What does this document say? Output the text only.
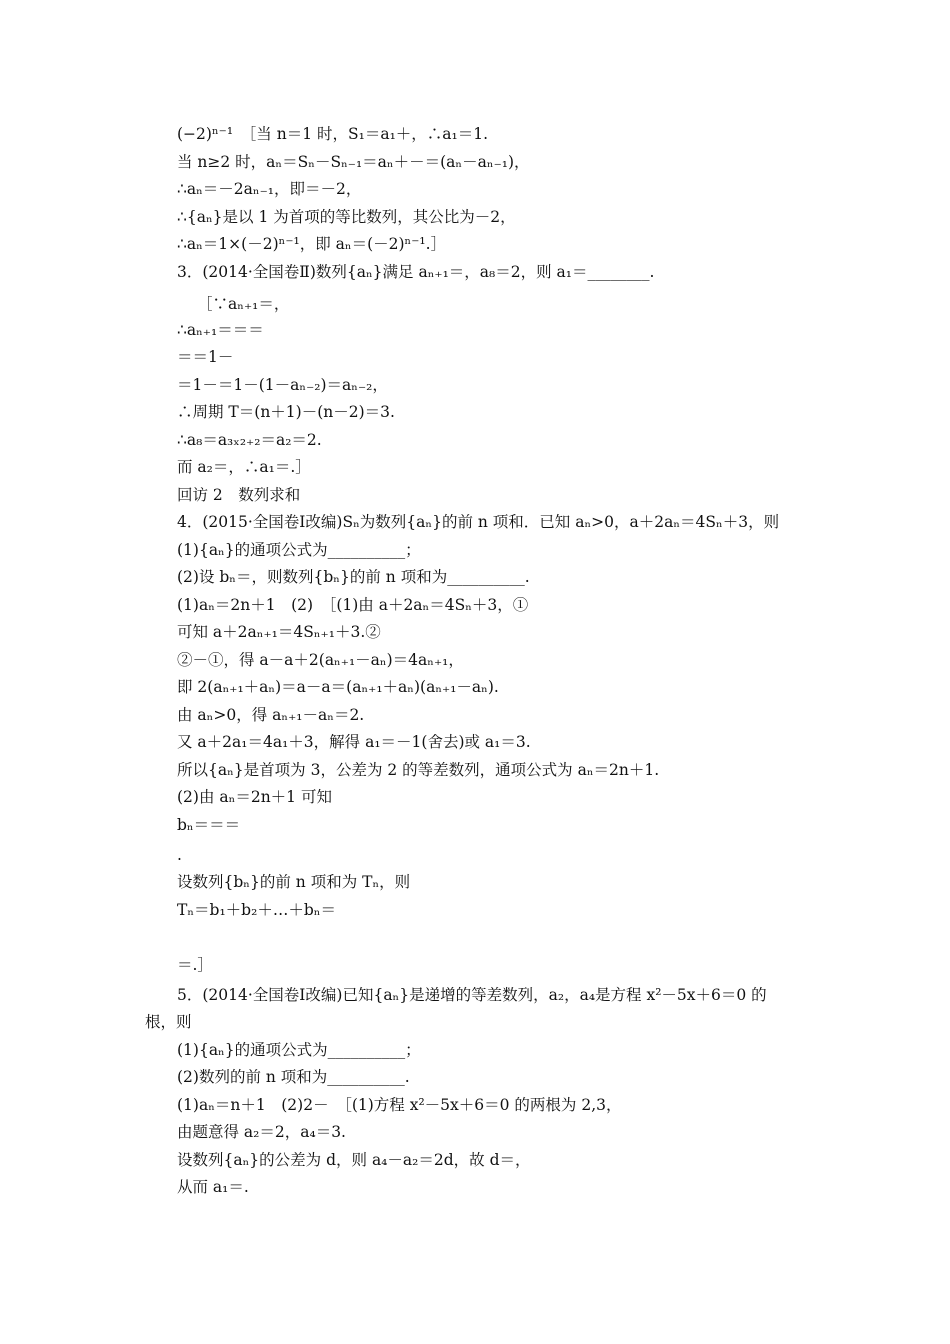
(−2)ⁿ⁻¹　［当 n＝1 时，S₁＝a₁＋，∴a₁＝1.
当 n≥2 时，aₙ＝Sₙ－Sₙ₋₁＝aₙ＋－＝(aₙ－aₙ₋₁)，
∴aₙ＝－2aₙ₋₁，即＝－2，
∴{aₙ}是以 1 为首项的等比数列，其公比为－2，
∴aₙ＝1×(－2)ⁿ⁻¹，即 aₙ＝(－2)ⁿ⁻¹.］
3．(2014·全国卷Ⅱ)数列{aₙ}满足 aₙ₊₁＝，a₈＝2，则 a₁＝________.
［∵aₙ₊₁＝，
∴aₙ₊₁＝＝＝
＝＝1－
＝1－＝1－(1－aₙ₋₂)＝aₙ₋₂，
∴周期 T＝(n＋1)－(n－2)＝3.
∴a₈＝a₃ₓ₂₊₂＝a₂＝2.
而 a₂＝，∴a₁＝.］
回访 2　数列求和
4．(2015·全国卷Ⅰ改编)Sₙ为数列{aₙ}的前 n 项和．已知 aₙ>0，a＋2aₙ＝4Sₙ＋3，则
(1){aₙ}的通项公式为__________；
(2)设 bₙ＝，则数列{bₙ}的前 n 项和为__________.
(1)aₙ＝2n＋1　(2)　［(1)由 a＋2aₙ＝4Sₙ＋3，①
可知 a＋2aₙ₊₁＝4Sₙ₊₁＋3.②
②－①，得 a－a＋2(aₙ₊₁－aₙ)＝4aₙ₊₁，
即 2(aₙ₊₁＋aₙ)＝a－a＝(aₙ₊₁＋aₙ)(aₙ₊₁－aₙ).
由 aₙ>0，得 aₙ₊₁－aₙ＝2.
又 a＋2a₁＝4a₁＋3，解得 a₁＝－1(舍去)或 a₁＝3.
所以{aₙ}是首项为 3，公差为 2 的等差数列，通项公式为 aₙ＝2n＋1.
(2)由 aₙ＝2n＋1 可知
bₙ＝＝＝
.
设数列{bₙ}的前 n 项和为 Tₙ，则
Tₙ＝b₁＋b₂＋…＋bₙ＝
＝.］
5．(2014·全国卷Ⅰ改编)已知{aₙ}是递增的等差数列，a₂，a₄是方程 x²－5x＋6＝0 的
根，则
(1){aₙ}的通项公式为__________；
(2)数列的前 n 项和为__________.
(1)aₙ＝n＋1　(2)2－　［(1)方程 x²－5x＋6＝0 的两根为 2,3，
由题意得 a₂＝2，a₄＝3.
设数列{aₙ}的公差为 d，则 a₄－a₂＝2d，故 d＝，
从而 a₁＝.
